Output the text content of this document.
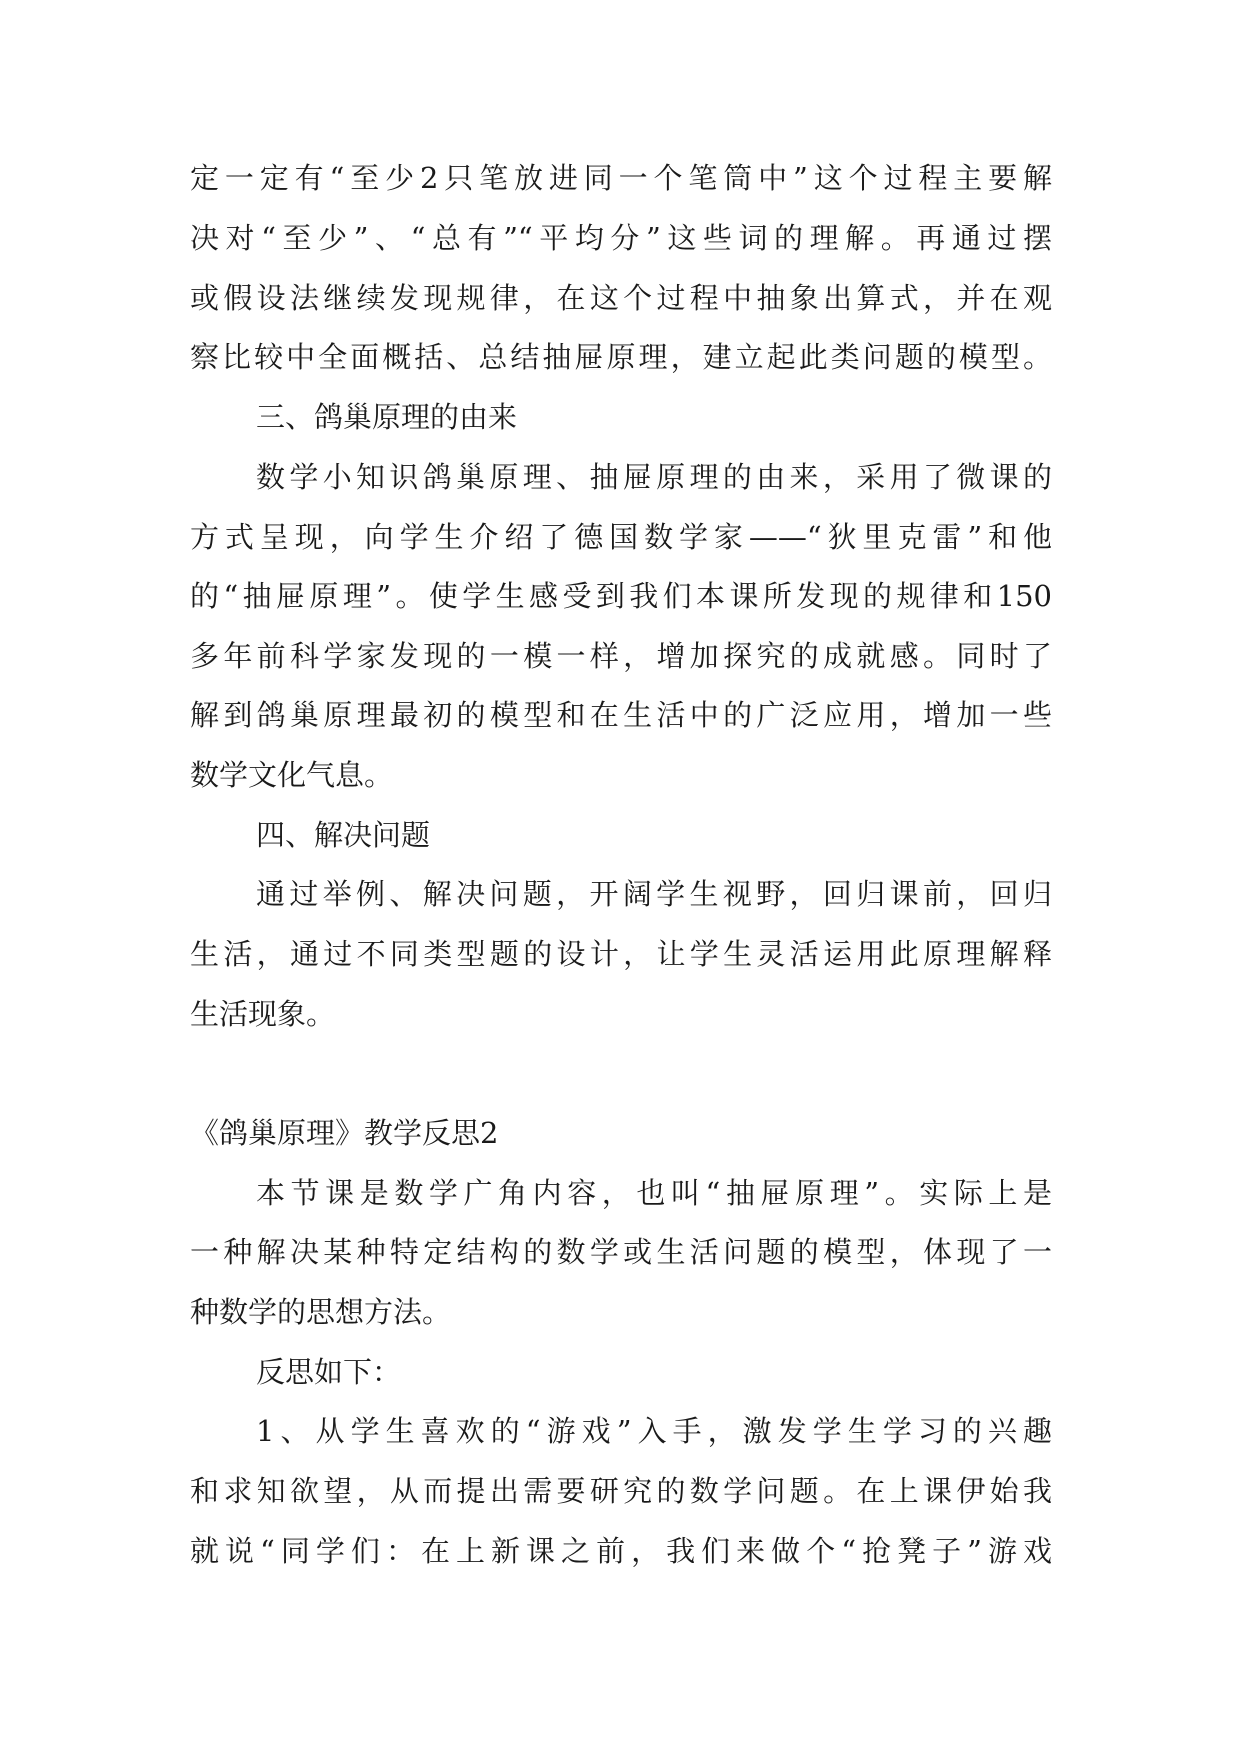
定一定有“至少2只笔放进同一个笔筒中”这个过程主要解
决对“至少”、“总有”“平均分”这些词的理解。再通过摆
或假设法继续发现规律，在这个过程中抽象出算式，并在观
察比较中全面概括、总结抽屉原理，建立起此类问题的模型。
三、鸽巢原理的由来
数学小知识鸽巢原理、抽屉原理的由来，采用了微课的
方式呈现，向学生介绍了德国数学家——“狄里克雷”和他
的“抽屉原理”。使学生感受到我们本课所发现的规律和150
多年前科学家发现的一模一样，增加探究的成就感。同时了
解到鸽巢原理最初的模型和在生活中的广泛应用，增加一些
数学文化气息。
四、解决问题
通过举例、解决问题，开阔学生视野，回归课前，回归
生活，通过不同类型题的设计，让学生灵活运用此原理解释
生活现象。
《鸽巢原理》教学反思2
本节课是数学广角内容，也叫“抽屉原理”。实际上是
一种解决某种特定结构的数学或生活问题的模型，体现了一
种数学的思想方法。
反思如下：
1、从学生喜欢的“游戏”入手，激发学生学习的兴趣
和求知欲望，从而提出需要研究的数学问题。在上课伊始我
就说“同学们：在上新课之前，我们来做个“抢凳子”游戏
